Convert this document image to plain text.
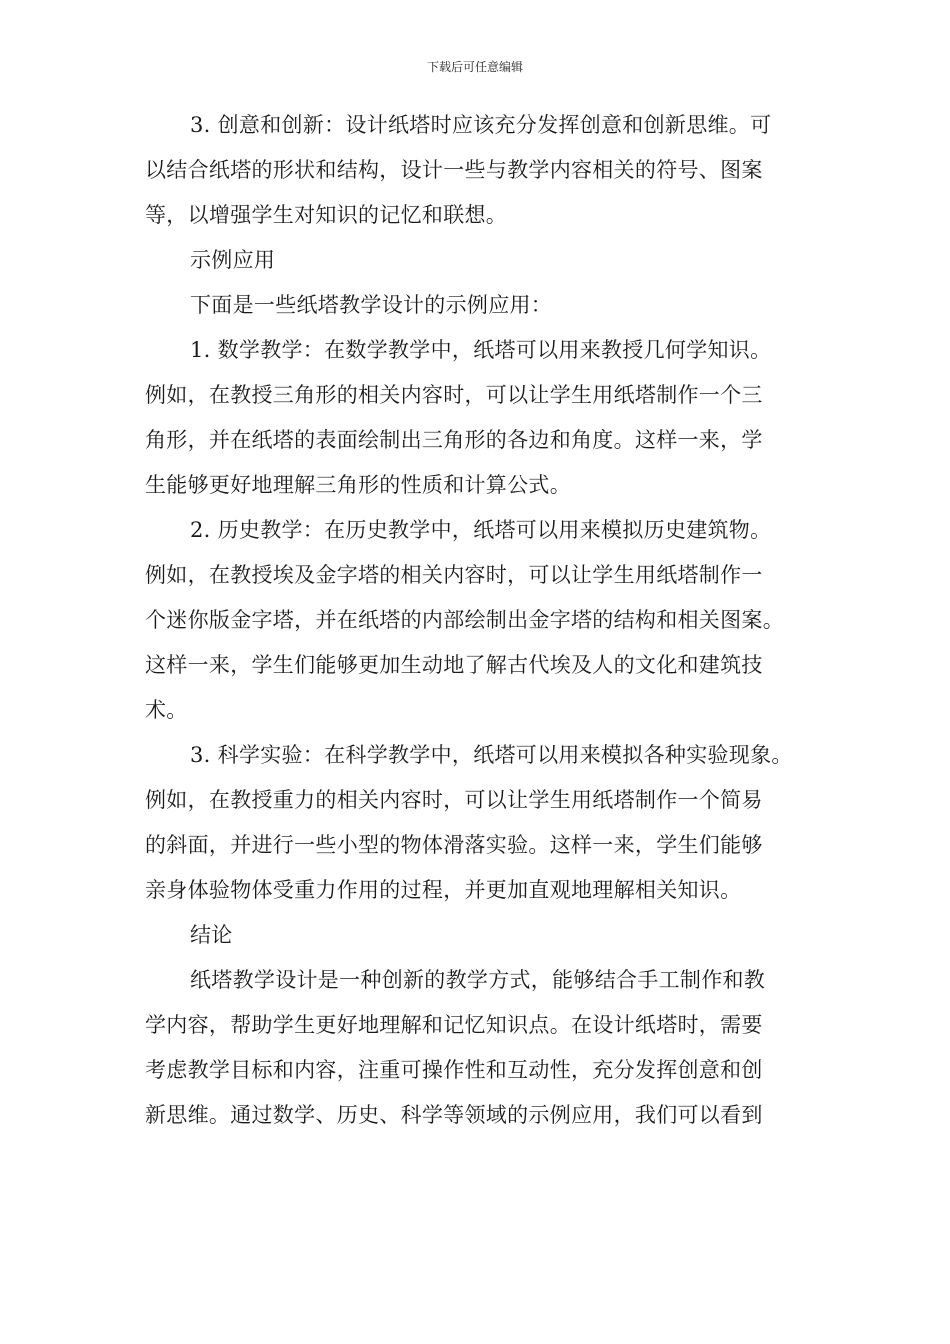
下载后可任意编辑
3. 创意和创新：设计纸塔时应该充分发挥创意和创新思维。可
以结合纸塔的形状和结构，设计一些与教学内容相关的符号、图案
等，以增强学生对知识的记忆和联想。
示例应用
下面是一些纸塔教学设计的示例应用：
1. 数学教学：在数学教学中，纸塔可以用来教授几何学知识。
例如，在教授三角形的相关内容时，可以让学生用纸塔制作一个三
角形，并在纸塔的表面绘制出三角形的各边和角度。这样一来，学
生能够更好地理解三角形的性质和计算公式。
2. 历史教学：在历史教学中，纸塔可以用来模拟历史建筑物。
例如，在教授埃及金字塔的相关内容时，可以让学生用纸塔制作一
个迷你版金字塔，并在纸塔的内部绘制出金字塔的结构和相关图案。
这样一来，学生们能够更加生动地了解古代埃及人的文化和建筑技
术。
3. 科学实验：在科学教学中，纸塔可以用来模拟各种实验现象。
例如，在教授重力的相关内容时，可以让学生用纸塔制作一个简易
的斜面，并进行一些小型的物体滑落实验。这样一来，学生们能够
亲身体验物体受重力作用的过程，并更加直观地理解相关知识。
结论
纸塔教学设计是一种创新的教学方式，能够结合手工制作和教
学内容，帮助学生更好地理解和记忆知识点。在设计纸塔时，需要
考虑教学目标和内容，注重可操作性和互动性，充分发挥创意和创
新思维。通过数学、历史、科学等领域的示例应用，我们可以看到
